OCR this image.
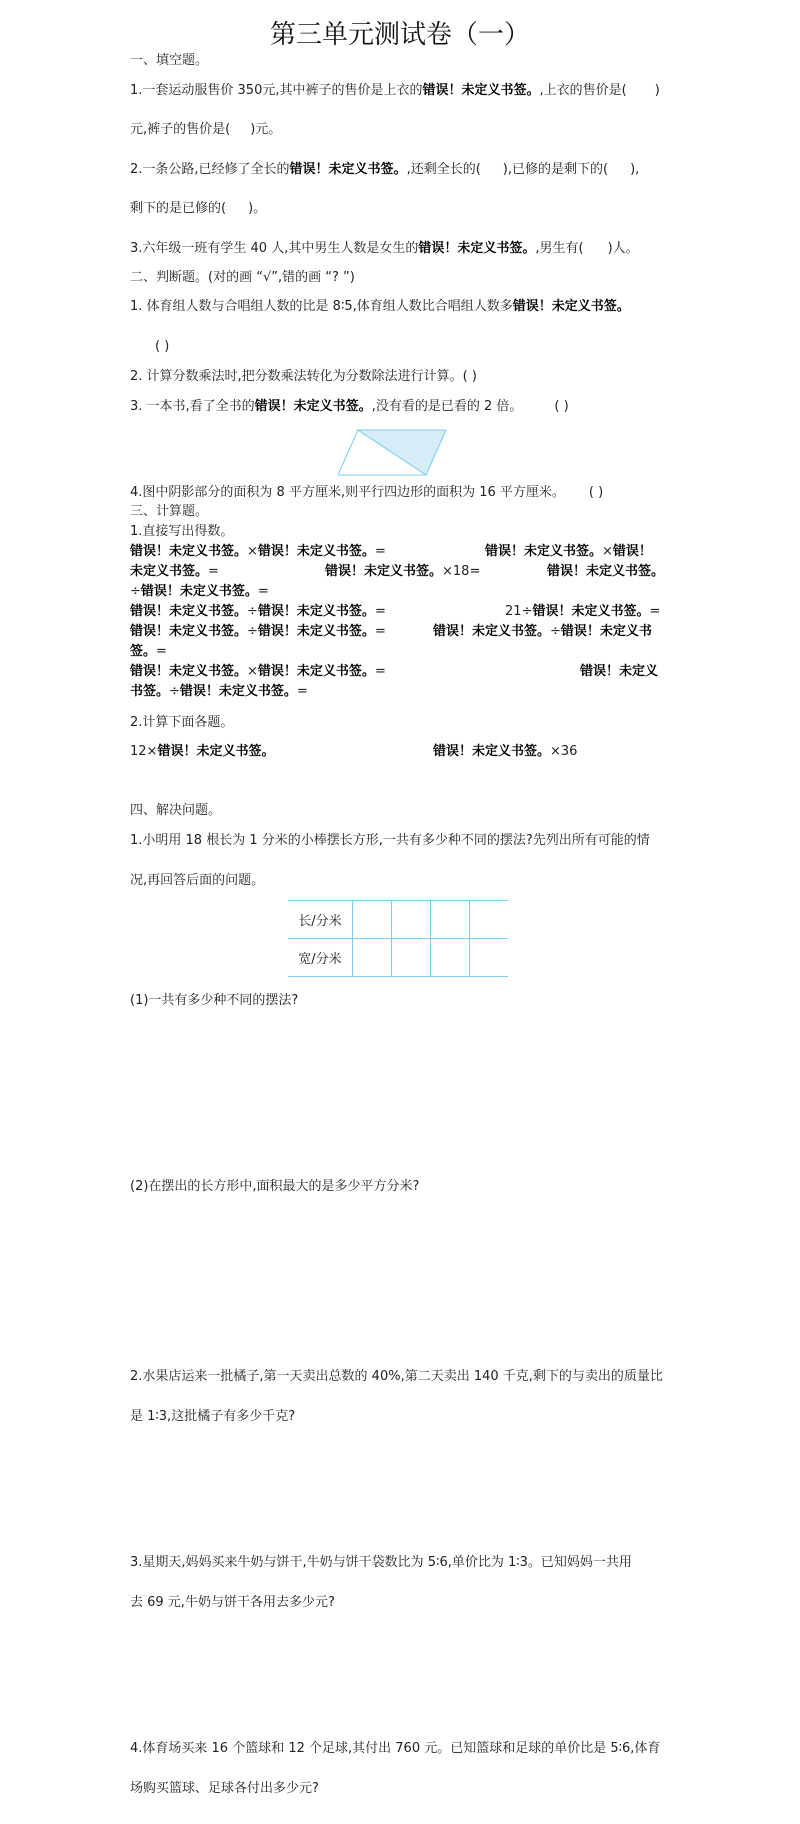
第三单元测试卷（一）
一、填空题。
1.一套运动服售价 350元,其中裤子的售价是上衣的错误！未定义书签。,上衣的售价是( )
元,裤子的售价是( )元。
2.一条公路,已经修了全长的错误！未定义书签。,还剩全长的( ),已修的是剩下的( ),
剩下的是已修的( )。
3.六年级一班有学生 40 人,其中男生人数是女生的错误！未定义书签。,男生有( )人。
二、判断题。(对的画 “√”,错的画 “? ”)
1. 体育组人数与合唱组人数的比是 8∶5,体育组人数比合唱组人数多错误！未定义书签。
( )
2. 计算分数乘法时,把分数乘法转化为分数除法进行计算。( )
3. 一本书,看了全书的错误！未定义书签。,没有看的是已看的 2 倍。 ( )
4.图中阴影部分的面积为 8 平方厘米,则平行四边形的面积为 16 平方厘米。 ( )
三、计算题。
1.直接写出得数。
错误！未定义书签。×错误！未定义书签。=	错误！未定义书签。×错误！
未定义书签。=	错误！未定义书签。×18=	错误！未定义书签。
÷错误！未定义书签。=
错误！未定义书签。÷错误！未定义书签。=	21÷错误！未定义书签。=
错误！未定义书签。÷错误！未定义书签。=	错误！未定义书签。÷错误！未定义书
签。=
错误！未定义书签。×错误！未定义书签。=	错误！未定义
书签。÷错误！未定义书签。=
2.计算下面各题。
12×错误！未定义书签。	错误！未定义书签。×36
四、解决问题。
1.小明用 18 根长为 1 分米的小棒摆长方形,一共有多少种不同的摆法?先列出所有可能的情
况,再回答后面的问题。
长/分米				
宽/分米				
(1)一共有多少种不同的摆法?
(2)在摆出的长方形中,面积最大的是多少平方分米?
2.水果店运来一批橘子,第一天卖出总数的 40%,第二天卖出 140 千克,剩下的与卖出的质量比
是 1∶3,这批橘子有多少千克?
3.星期天,妈妈买来牛奶与饼干,牛奶与饼干袋数比为 5∶6,单价比为 1∶3。已知妈妈一共用
去 69 元,牛奶与饼干各用去多少元?
4.体育场买来 16 个篮球和 12 个足球,其付出 760 元。已知篮球和足球的单价比是 5∶6,体育
场购买篮球、足球各付出多少元?
